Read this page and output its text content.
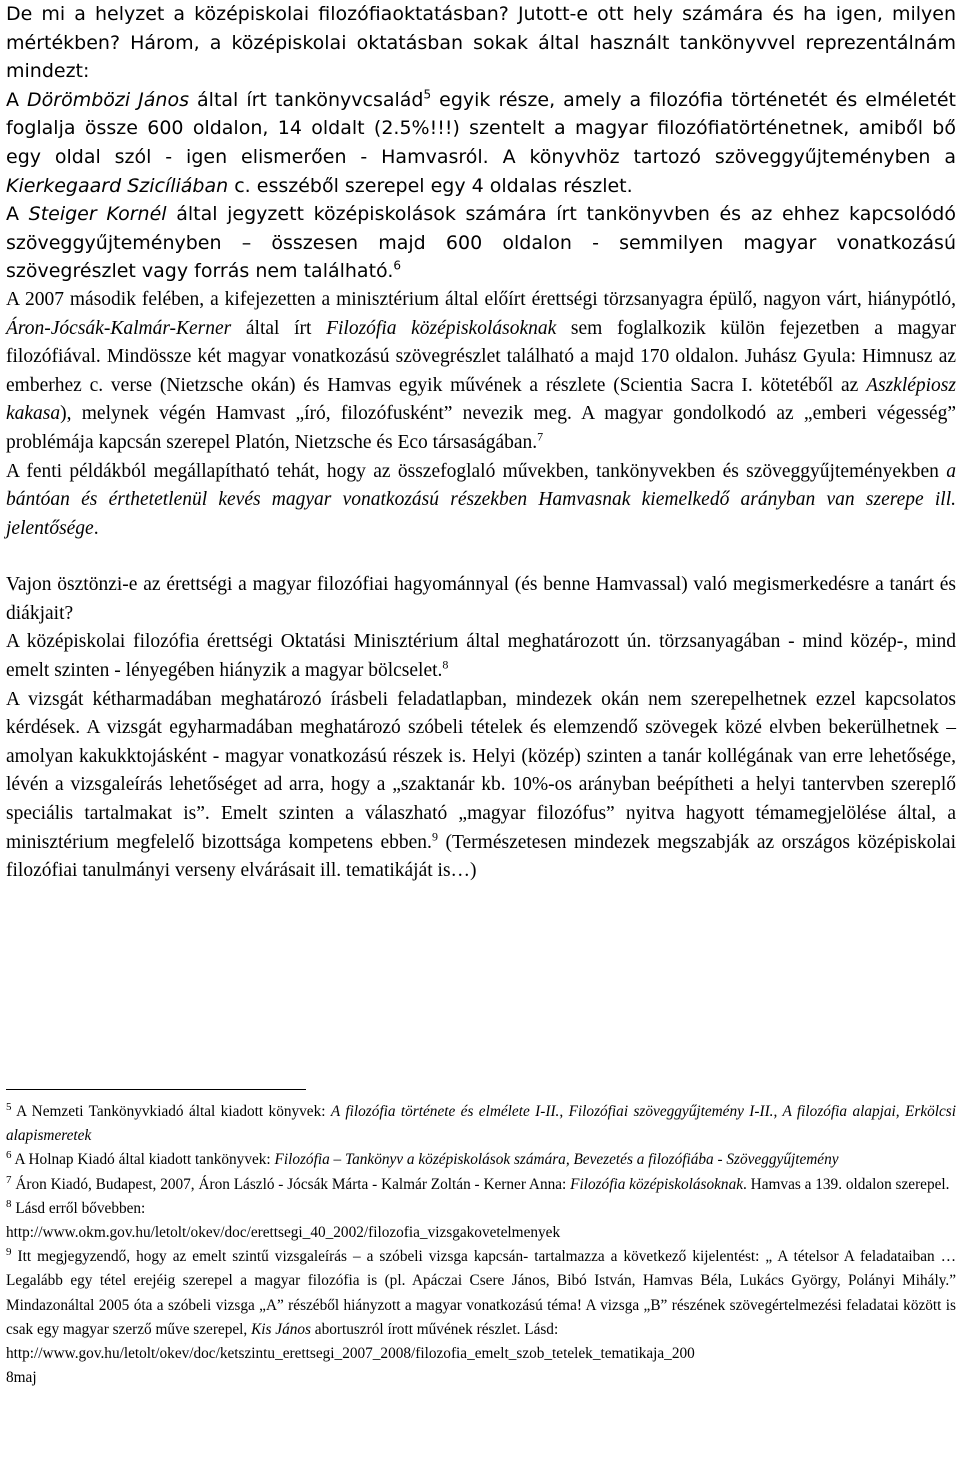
De mi a helyzet a középiskolai filozófiaoktatásban? Jutott-e ott hely számára és ha igen, milyen mértékben? Három, a középiskolai oktatásban sokak által használt tankönyvvel reprezentálnám mindezt:

A Dörömbözi János által írt tankönyvcsalád$^5$ egyik része, amely a filozófia történetét és elméletét foglalja össze 600 oldalon, 14 oldalt (2.5%!!!) szentelt a magyar filozófiatörténetnek, amiből bő egy oldal szól - igen elismerően - Hamvasról. A könyvhöz tartozó szöveggyűjteményben a Kierkegaard Szicíliában c. esszéből szerepel egy 4 oldalas részlet.

A Steiger Kornél által jegyzett középiskolások számára írt tankönyvben és az ehhez kapcsolódó szöveggyűjteményben – összesen majd 600 oldalon - semmilyen magyar vonatkozású szövegrészlet vagy forrás nem található.$^6$

A 2007 második felében, a kifejezetten a minisztérium által előírt érettségi törzsanyagra épülő, nagyon várt, hiánypótló, Áron-Jócsák-Kalmár-Kerner által írt Filozófia középiskolásoknak sem foglalkozik külön fejezetben a magyar filozófiával. Mindössze két magyar vonatkozású szövegrészlet található a majd 170 oldalon. Juhász Gyula: Himnusz az emberhez c. verse (Nietzsche okán) és Hamvas egyik művének a részlete (Scientia Sacra I. kötetéből az Aszklépiosz kakasa), melynek végén Hamvast „író, filozófusként” nevezik meg. A magyar gondolkodó az „emberi végesség” problémája kapcsán szerepel Platón, Nietzsche és Eco társaságában.$^7$

A fenti példákból megállapítható tehát, hogy az összefoglaló művekben, tankönyvekben és szöveggyűjteményekben a bántóan és érthetetlenül kevés magyar vonatkozású részekben Hamvasnak kiemelkedő arányban van szerepe ill. jelentősége.

Vajon ösztönzi-e az érettségi a magyar filozófiai hagyománnyal (és benne Hamvassal) való megismerkedésre a tanárt és diákjait?

A középiskolai filozófia érettségi Oktatási Minisztérium által meghatározott ún. törzsanyagában - mind közép-, mind emelt szinten - lényegében hiányzik a magyar bölcselet.$^8$

A vizsgát kétharmadában meghatározó írásbeli feladatlapban, mindezek okán nem szerepelhetnek ezzel kapcsolatos kérdések. A vizsgát egyharmadában meghatározó szóbeli tételek és elemzendő szövegek közé elvben bekerülhetnek – amolyan kakukktojásként - magyar vonatkozású részek is. Helyi (közép) szinten a tanár kollégának van erre lehetősége, lévén a vizsgaleírás lehetőséget ad arra, hogy a „szaktanár kb. 10%-os arányban beépítheti a helyi tantervben szereplő speciális tartalmakat is”. Emelt szinten a válaszható „magyar filozófus” nyitva hagyott témamegjelölése által, a minisztérium megfelelő bizottsága kompetens ebben.$^9$ (Természetesen mindezek megszabják az országos középiskolai filozófiai tanulmányi verseny elvárásait ill. tematikáját is…)

$^5$ A Nemzeti Tankönyvkiadó által kiadott könyvek: A filozófia története és elmélete I-II., Filozófiai szöveggyűjtemény I-II., A filozófia alapjai, Erkölcsi alapismeretek

$^6$ A Holnap Kiadó által kiadott tankönyvek: Filozófia – Tankönyv a középiskolások számára, Bevezetés a filozófiába - Szöveggyűjtemény

$^7$ Áron Kiadó, Budapest, 2007, Áron László - Jócsák Márta - Kalmár Zoltán - Kerner Anna: Filozófia középiskolásoknak. Hamvas a 139. oldalon szerepel.

$^8$ Lásd erről bővebben:

http://www.okm.gov.hu/letolt/okev/doc/erettsegi_40_2002/filozofia_vizsgakovetelmenyek

$^9$ Itt megjegyzendő, hogy az emelt szintű vizsgaleírás – a szóbeli vizsga kapcsán- tartalmazza a következő kijelentést: „ A tételsor A feladataiban … Legalább egy tétel erejéig szerepel a magyar filozófia is (pl. Apáczai Csere János, Bibó István, Hamvas Béla, Lukács György, Polányi Mihály.” Mindazonáltal 2005 óta a szóbeli vizsga „A” részéből hiányzott a magyar vonatkozású téma! A vizsga „B” részének szövegértelmezési feladatai között is csak egy magyar szerző műve szerepel, Kis János abortuszról írott művének részlet. Lásd:

http://www.gov.hu/letolt/okev/doc/ketszintu_erettsegi_2007_2008/filozofia_emelt_szob_tetelek_tematikaja_200

8maj
